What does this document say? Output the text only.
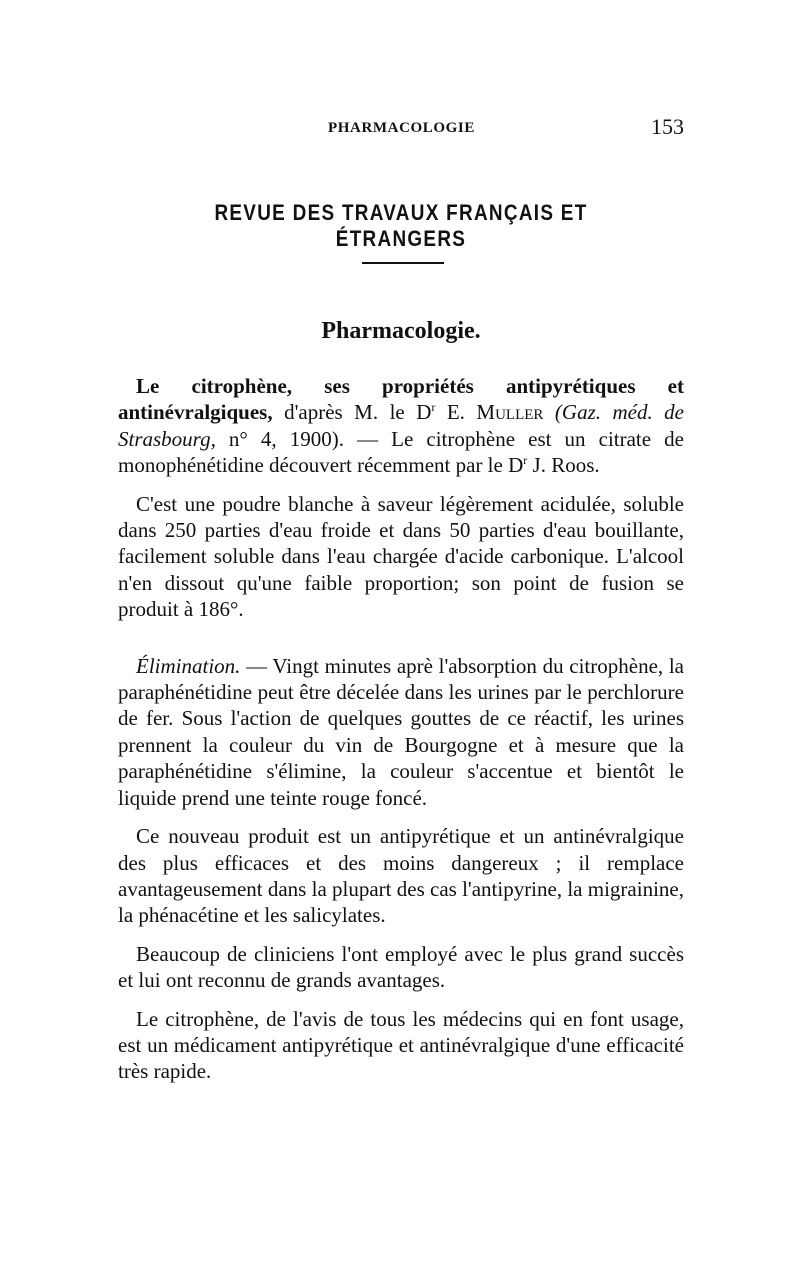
PHARMACOLOGIE	153
REVUE DES TRAVAUX FRANÇAIS ET ÉTRANGERS
Pharmacologie.

Le citrophène, ses propriétés antipyrétiques et antinévralgiques, d'après M. le $D^r$ E. Muller (Gaz. méd. de Strasbourg, n° 4, 1900). — Le citrophène est un citrate de monophénétidine découvert récemment par le $D^r$ J. Roos.

C'est une poudre blanche à saveur légèrement acidulée, soluble dans 250 parties d'eau froide et dans 50 parties d'eau bouillante, facilement soluble dans l'eau chargée d'acide carbonique. L'alcool n'en dissout qu'une faible proportion; son point de fusion se produit à 186°.

Élimination. — Vingt minutes aprè l'absorption du citrophène, la paraphénétidine peut être décelée dans les urines par le perchlorure de fer. Sous l'action de quelques gouttes de ce réactif, les urines prennent la couleur du vin de Bourgogne et à mesure que la paraphénétidine s'élimine, la couleur s'accentue et bientôt le liquide prend une teinte rouge foncé.

Ce nouveau produit est un antipyrétique et un antinévralgique des plus efficaces et des moins dangereux ; il remplace avantageusement dans la plupart des cas l'antipyrine, la migrainine, la phénacétine et les salicylates.

Beaucoup de cliniciens l'ont employé avec le plus grand succès et lui ont reconnu de grands avantages.

Le citrophène, de l'avis de tous les médecins qui en font usage, est un médicament antipyrétique et antinévralgique d'une efficacité très rapide.
